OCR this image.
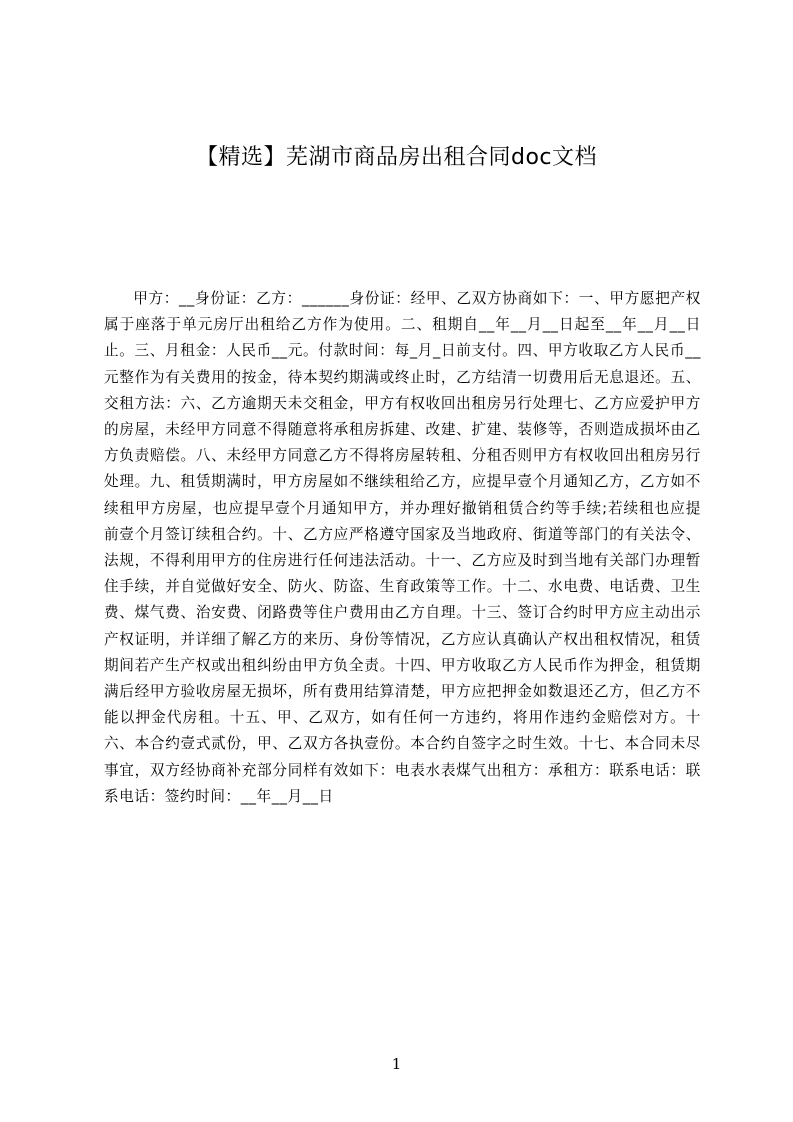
【精选】芜湖市商品房出租合同doc文档

甲方：__身份证：乙方：______身份证：经甲、乙双方协商如下：一、甲方愿把产权属于座落于单元房厅出租给乙方作为使用。二、租期自__年__月__日起至__年__月__日止。三、月租金：人民币__元。付款时间：每_月_日前支付。四、甲方收取乙方人民币__元整作为有关费用的按金，待本契约期满或终止时，乙方结清一切费用后无息退还。五、交租方法：六、乙方逾期天未交租金，甲方有权收回出租房另行处理七、乙方应爱护甲方的房屋，未经甲方同意不得随意将承租房拆建、改建、扩建、装修等，否则造成损坏由乙方负责赔偿。八、未经甲方同意乙方不得将房屋转租、分租否则甲方有权收回出租房另行处理。九、租赁期满时，甲方房屋如不继续租给乙方，应提早壹个月通知乙方，乙方如不续租甲方房屋，也应提早壹个月通知甲方，并办理好撤销租赁合约等手续;若续租也应提前壹个月签订续租合约。十、乙方应严格遵守国家及当地政府、街道等部门的有关法令、法规，不得利用甲方的住房进行任何违法活动。十一、乙方应及时到当地有关部门办理暂住手续，并自觉做好安全、防火、防盗、生育政策等工作。十二、水电费、电话费、卫生费、煤气费、治安费、闭路费等住户费用由乙方自理。十三、签订合约时甲方应主动出示产权证明，并详细了解乙方的来历、身份等情况，乙方应认真确认产权出租权情况，租赁期间若产生产权或出租纠纷由甲方负全责。十四、甲方收取乙方人民币作为押金，租赁期满后经甲方验收房屋无损坏，所有费用结算清楚，甲方应把押金如数退还乙方，但乙方不能以押金代房租。十五、甲、乙双方，如有任何一方违约，将用作违约金赔偿对方。十六、本合约壹式贰份，甲、乙双方各执壹份。本合约自签字之时生效。十七、本合同未尽事宜，双方经协商补充部分同样有效如下：电表水表煤气出租方：承租方：联系电话：联系电话：签约时间：__年__月__日

1
